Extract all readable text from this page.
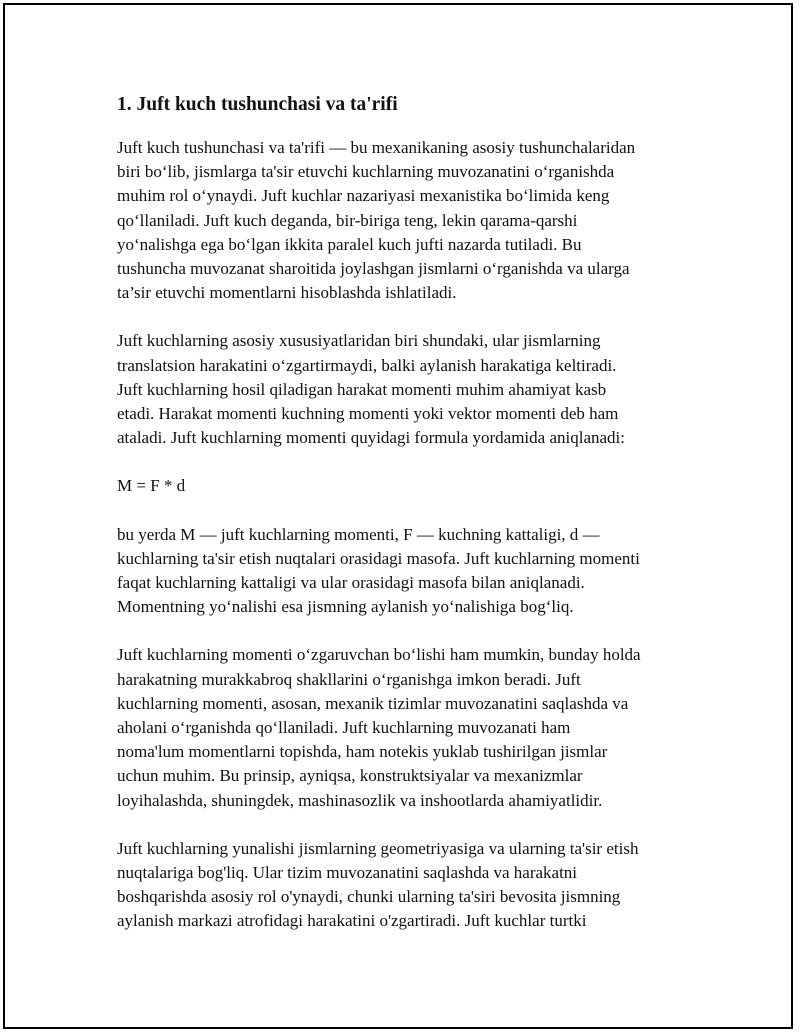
1. Juft kuch tushunchasi va ta'rifi

Juft kuch tushunchasi va ta'rifi — bu mexanikaning asosiy tushunchalaridan
biri boʻlib, jismlarga ta'sir etuvchi kuchlarning muvozanatini oʻrganishda
muhim rol oʻynaydi. Juft kuchlar nazariyasi mexanistika boʻlimida keng
qoʻllaniladi. Juft kuch deganda, bir-biriga teng, lekin qarama-qarshi
yoʻnalishga ega boʻlgan ikkita paralel kuch jufti nazarda tutiladi. Bu
tushuncha muvozanat sharoitida joylashgan jismlarni oʻrganishda va ularga
ta’sir etuvchi momentlarni hisoblashda ishlatiladi.

Juft kuchlarning asosiy xususiyatlaridan biri shundaki, ular jismlarning
translatsion harakatini oʻzgartirmaydi, balki aylanish harakatiga keltiradi.
Juft kuchlarning hosil qiladigan harakat momenti muhim ahamiyat kasb
etadi. Harakat momenti kuchning momenti yoki vektor momenti deb ham
ataladi. Juft kuchlarning momenti quyidagi formula yordamida aniqlanadi:

M = F * d

bu yerda M — juft kuchlarning momenti, F — kuchning kattaligi, d —
kuchlarning ta'sir etish nuqtalari orasidagi masofa. Juft kuchlarning momenti
faqat kuchlarning kattaligi va ular orasidagi masofa bilan aniqlanadi.
Momentning yoʻnalishi esa jismning aylanish yoʻnalishiga bogʻliq.

Juft kuchlarning momenti oʻzgaruvchan boʻlishi ham mumkin, bunday holda
harakatning murakkabroq shakllarini oʻrganishga imkon beradi. Juft
kuchlarning momenti, asosan, mexanik tizimlar muvozanatini saqlashda va
aholani oʻrganishda qoʻllaniladi. Juft kuchlarning muvozanati ham
noma'lum momentlarni topishda, ham notekis yuklab tushirilgan jismlar
uchun muhim. Bu prinsip, ayniqsa, konstruktsiyalar va mexanizmlar
loyihalashda, shuningdek, mashinasozlik va inshootlarda ahamiyatlidir.

Juft kuchlarning yunalishi jismlarning geometriyasiga va ularning ta'sir etish
nuqtalariga bog'liq. Ular tizim muvozanatini saqlashda va harakatni
boshqarishda asosiy rol o'ynaydi, chunki ularning ta'siri bevosita jismning
aylanish markazi atrofidagi harakatini o'zgartiradi. Juft kuchlar turtki
